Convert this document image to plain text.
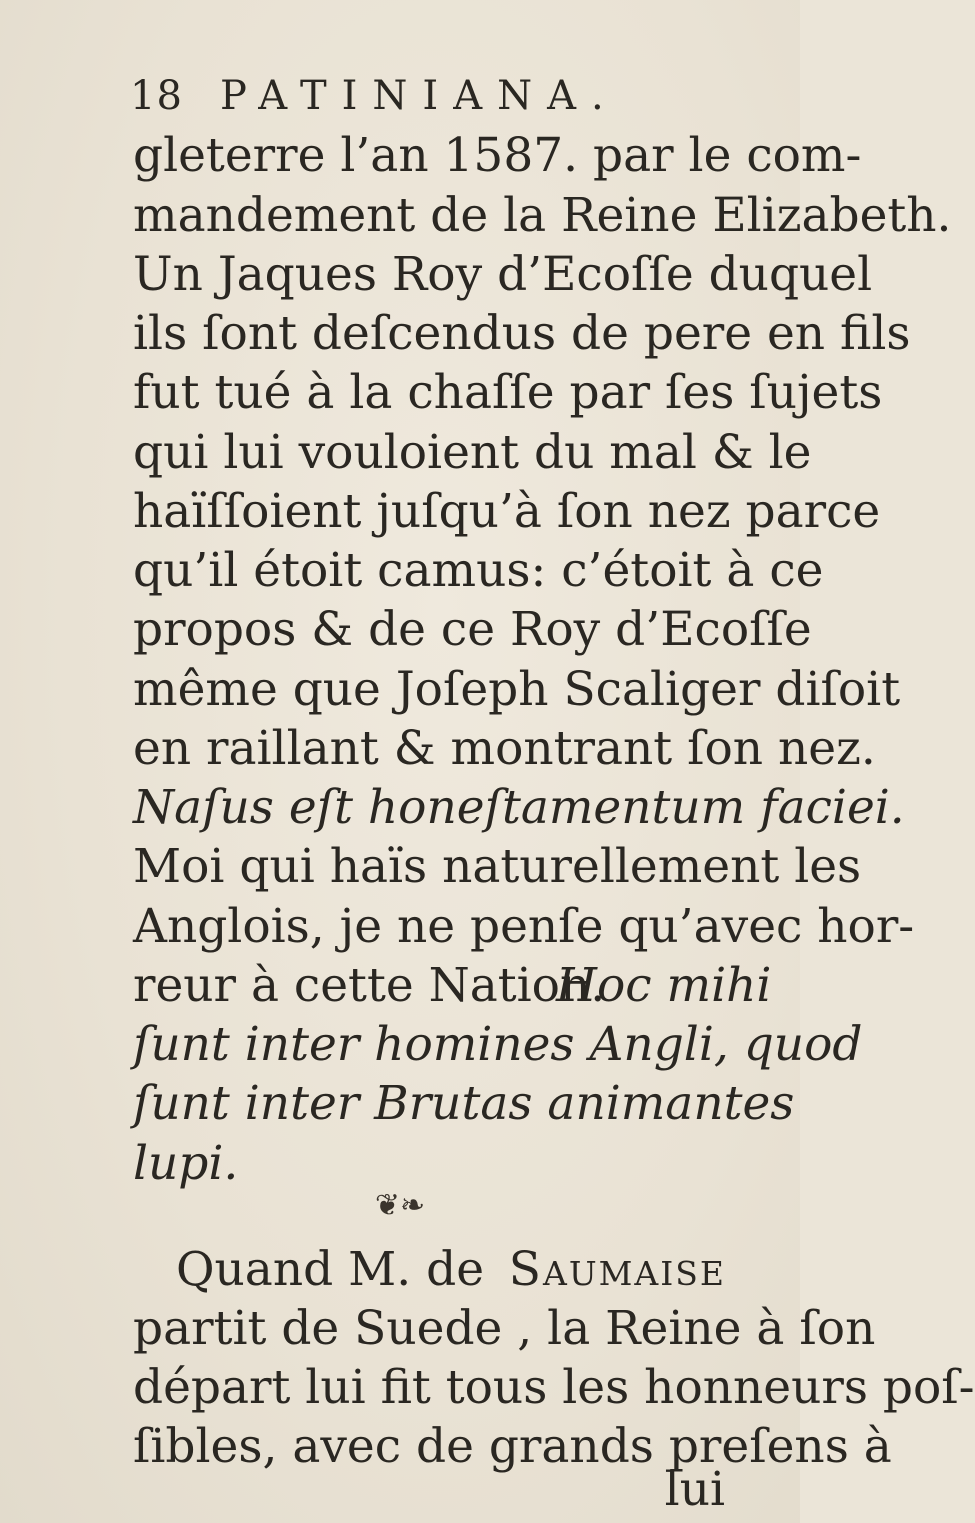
18 PATINIANA.
gleterre l’an 1587. par le com-
mandement de la Reine Elizabeth.
Un Jaques Roy d’Ecoſſe duquel
ils ſont deſcendus de pere en fils
fut tué à la chaſſe par ſes ſujets
qui lui vouloient du mal & le
haïſſoient juſqu’à ſon nez parce
qu’il étoit camus: c’étoit à ce
propos & de ce Roy d’Ecoſſe
même que Joſeph Scaliger diſoit
en raillant & montrant ſon nez.
Naſus eſt honeſtamentum faciei.
Moi qui haïs naturellement les
Anglois, je ne penſe qu’avec hor-
reur à cette Nation.
Hoc mihi
ſunt inter homines Angli, quod
ſunt inter Brutas animantes
lupi.
❦❧
Quand M. de Saumaise
partit de Suede , la Reine à ſon
départ lui fit tous les honneurs poſ-
ſibles, avec de grands preſens à
lui
